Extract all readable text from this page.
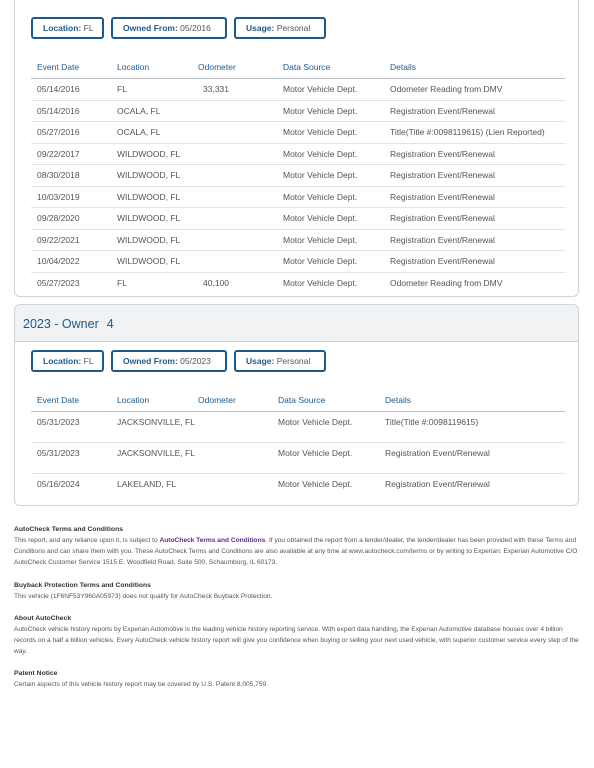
Location: FL	Owned From: 05/2016	Usage: Personal
Event Date	Location	Odometer	Data Source	Details
05/14/2016	FL	33,331	Motor Vehicle Dept.	Odometer Reading from DMV
05/14/2016	OCALA, FL		Motor Vehicle Dept.	Registration Event/Renewal
05/27/2016	OCALA, FL		Motor Vehicle Dept.	Title(Title #:0098119615) (Lien Reported)
09/22/2017	WILDWOOD, FL		Motor Vehicle Dept.	Registration Event/Renewal
08/30/2018	WILDWOOD, FL		Motor Vehicle Dept.	Registration Event/Renewal
10/03/2019	WILDWOOD, FL		Motor Vehicle Dept.	Registration Event/Renewal
09/28/2020	WILDWOOD, FL		Motor Vehicle Dept.	Registration Event/Renewal
09/22/2021	WILDWOOD, FL		Motor Vehicle Dept.	Registration Event/Renewal
10/04/2022	WILDWOOD, FL		Motor Vehicle Dept.	Registration Event/Renewal
05/27/2023	FL	40,100	Motor Vehicle Dept.	Odometer Reading from DMV
2023 - Owner 4
Location: FL	Owned From: 05/2023	Usage: Personal
Event Date	Location	Odometer	Data Source	Details
05/31/2023	JACKSONVILLE, FL		Motor Vehicle Dept.	Title(Title #:0098119615)
05/31/2023	JACKSONVILLE, FL		Motor Vehicle Dept.	Registration Event/Renewal
05/16/2024	LAKELAND, FL		Motor Vehicle Dept.	Registration Event/Renewal
AutoCheck Terms and Conditions

This report, and any reliance upon it, is subject to AutoCheck Terms and Conditions. If you obtained the report from a lender/dealer, the lender/dealer has been provided with these Terms and Conditions and can share them with you. These AutoCheck Terms and Conditions are also available at any time at www.autocheck.com/terms or by writing to Experian: Experian Automotive C/O AutoCheck Customer Service 1515 E. Woodfield Road, Suite 500, Schaumburg, IL 60173.

Buyback Protection Terms and Conditions

This vehicle (1F6NF53Y960A05973) does not qualify for AutoCheck Buyback Protection.

About AutoCheck

AutoCheck vehicle history reports by Experian Automotive is the leading vehicle history reporting service. With expert data handling, the Experian Automotive database houses over 4 billion records on a half a billion vehicles. Every AutoCheck vehicle history report will give you confidence when buying or selling your next used vehicle, with superior customer service every step of the way.

Patent Notice

Certain aspects of this vehicle history report may be covered by U.S. Patent 8,005,759.
